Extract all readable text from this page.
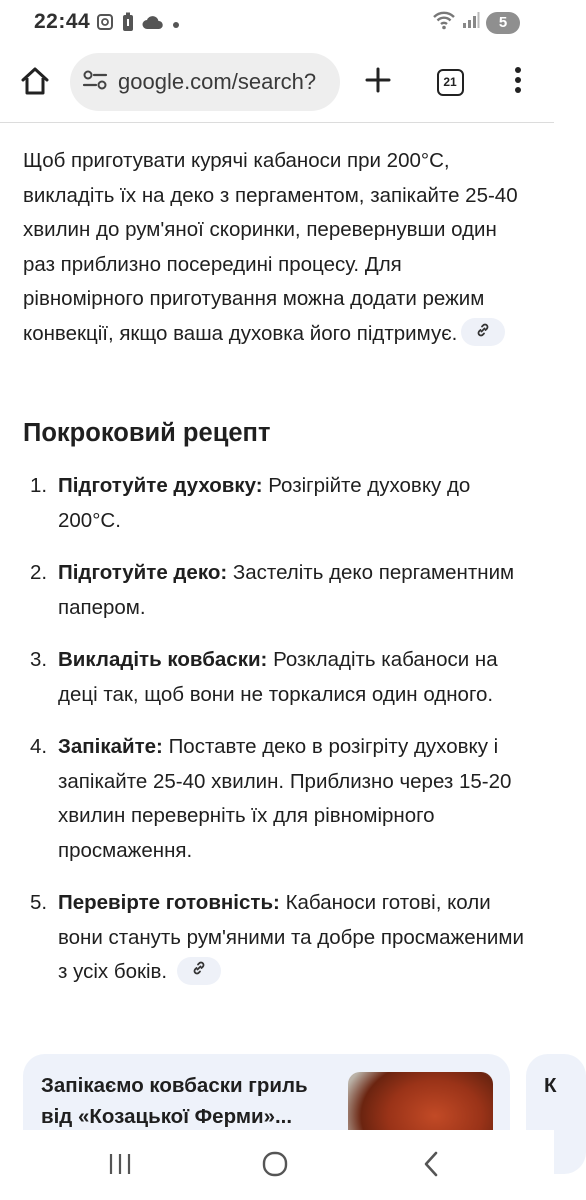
22:44	5
google.com/search?	21

Щоб приготувати курячі кабаноси при 200°C, викладіть їх на деко з пергаментом, запікайте 25-40 хвилин до рум'яної скоринки, перевернувши один раз приблизно посередині процесу. Для рівномірного приготування можна додати режим конвекції, якщо ваша духовка його підтримує.

Покроковий рецепт
1. Підготуйте духовку: Розігрійте духовку до 200°C.
2. Підготуйте деко: Застеліть деко пергаментним папером.
3. Викладіть ковбаски: Розкладіть кабаноси на деці так, щоб вони не торкалися один одного.
4. Запікайте: Поставте деко в розігріту духовку і запікайте 25-40 хвилин. Приблизно через 15-20 хвилин переверніть їх для рівномірного просмаження.
5. Перевірте готовність: Кабаноси готові, коли вони стануть рум'яними та добре просмаженими з усіх боків.
Запікаємо ковбаски гриль від «Козацької Ферми»...
К
